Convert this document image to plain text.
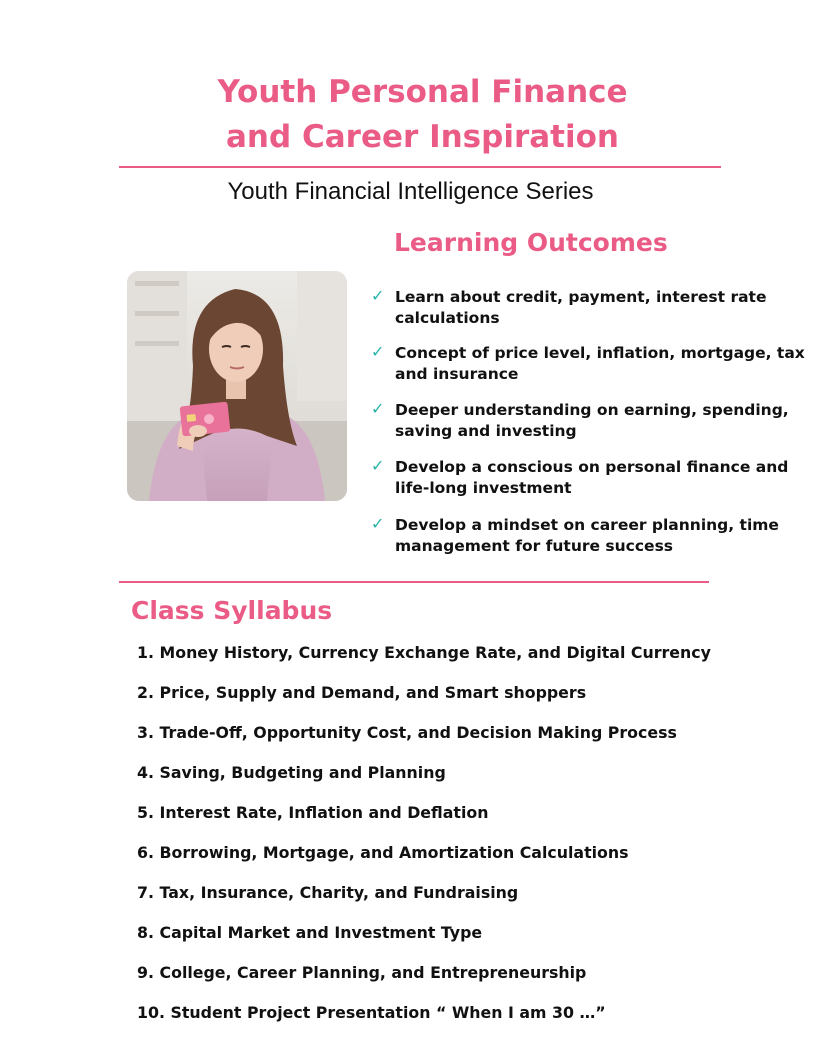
Youth Personal Finance
and Career Inspiration
Youth Financial Intelligence Series
Learning Outcomes
✓ Learn about credit, payment, interest rate calculations
✓ Concept of price level, inflation, mortgage, tax and insurance
✓ Deeper understanding on earning, spending, saving and investing
✓ Develop a conscious on personal finance and life-long investment
✓ Develop a mindset on career planning, time management for future success
Class Syllabus
1. Money History, Currency Exchange Rate, and Digital Currency
2. Price, Supply and Demand, and Smart shoppers
3. Trade-Off, Opportunity Cost, and Decision Making Process
4. Saving, Budgeting and Planning
5. Interest Rate, Inflation and Deflation
6. Borrowing, Mortgage, and Amortization Calculations
7. Tax, Insurance, Charity, and Fundraising
8. Capital Market and Investment Type
9. College, Career Planning, and Entrepreneurship
10. Student Project Presentation “ When I am 30 …”
